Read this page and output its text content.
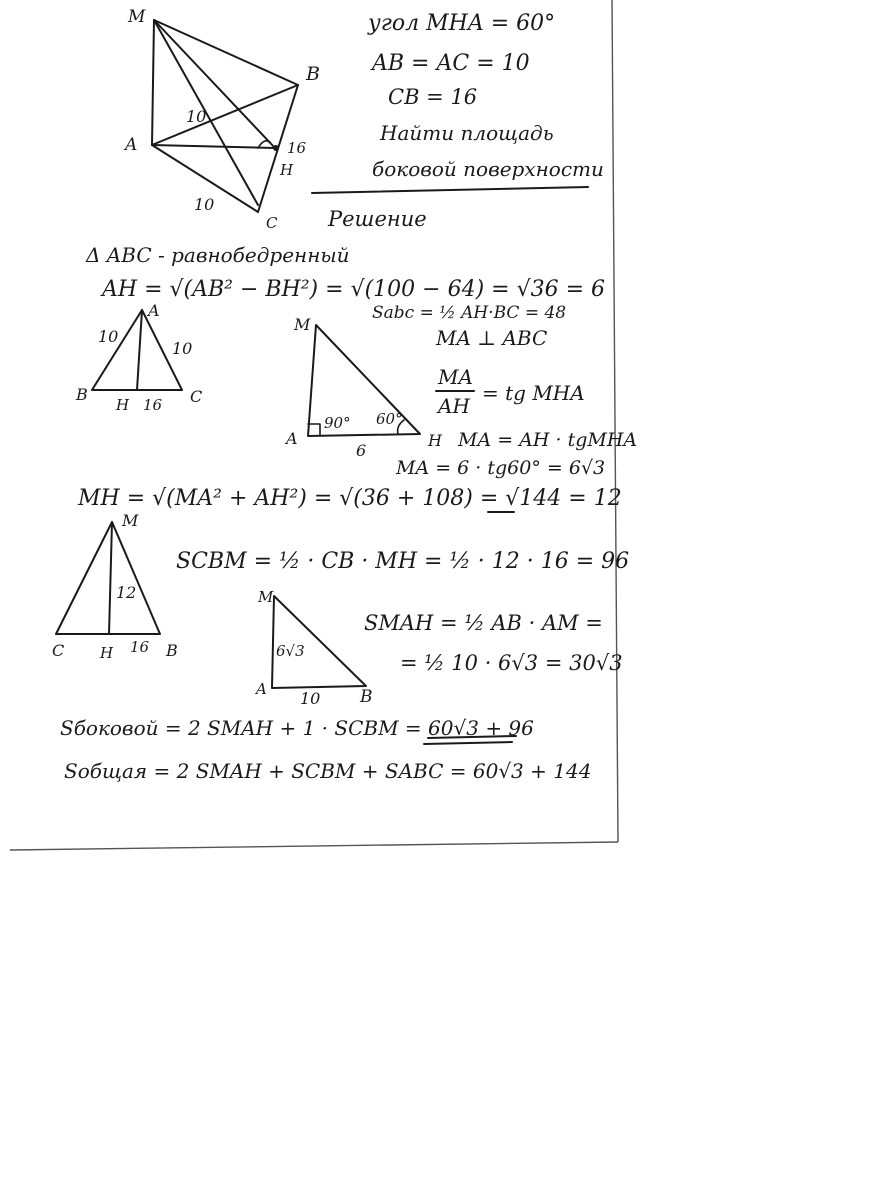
M
A
B
C
H
10
10
16
угол MHA = 60°
AB = AC = 10
CB = 16
Найти площадь
боковой поверхности
Решение
Δ ABC - равнобедренный
AH = √(AB² − BH²) = √(100 − 64) = √36 = 6
Sabc = ½ AH·BC = 48
MA ⊥ ABC
MA
AH
= tg MHA
MA / AH = tg MHA
MA = AH · tgMHA
MA = 6 · tg60° = 6√3
A
B	C
H
10
10
16
M
A	H
90° 60°
6
MH = √(MA² + AH²) = √(36 + 108) = √144 = 12
M
C H	B
12
16
SCBM = ½ · CB · MH = ½ · 12 · 16 = 96
M
A	B
6√3
10
SMAH = ½ AB · AM =
= ½ 10 · 6√3 = 30√3
Sбоковой = 2 SMAH + 1 · SCBM = 60√3 + 96
Sобщая = 2 SMAH + SCBM + SABC = 60√3 + 144
